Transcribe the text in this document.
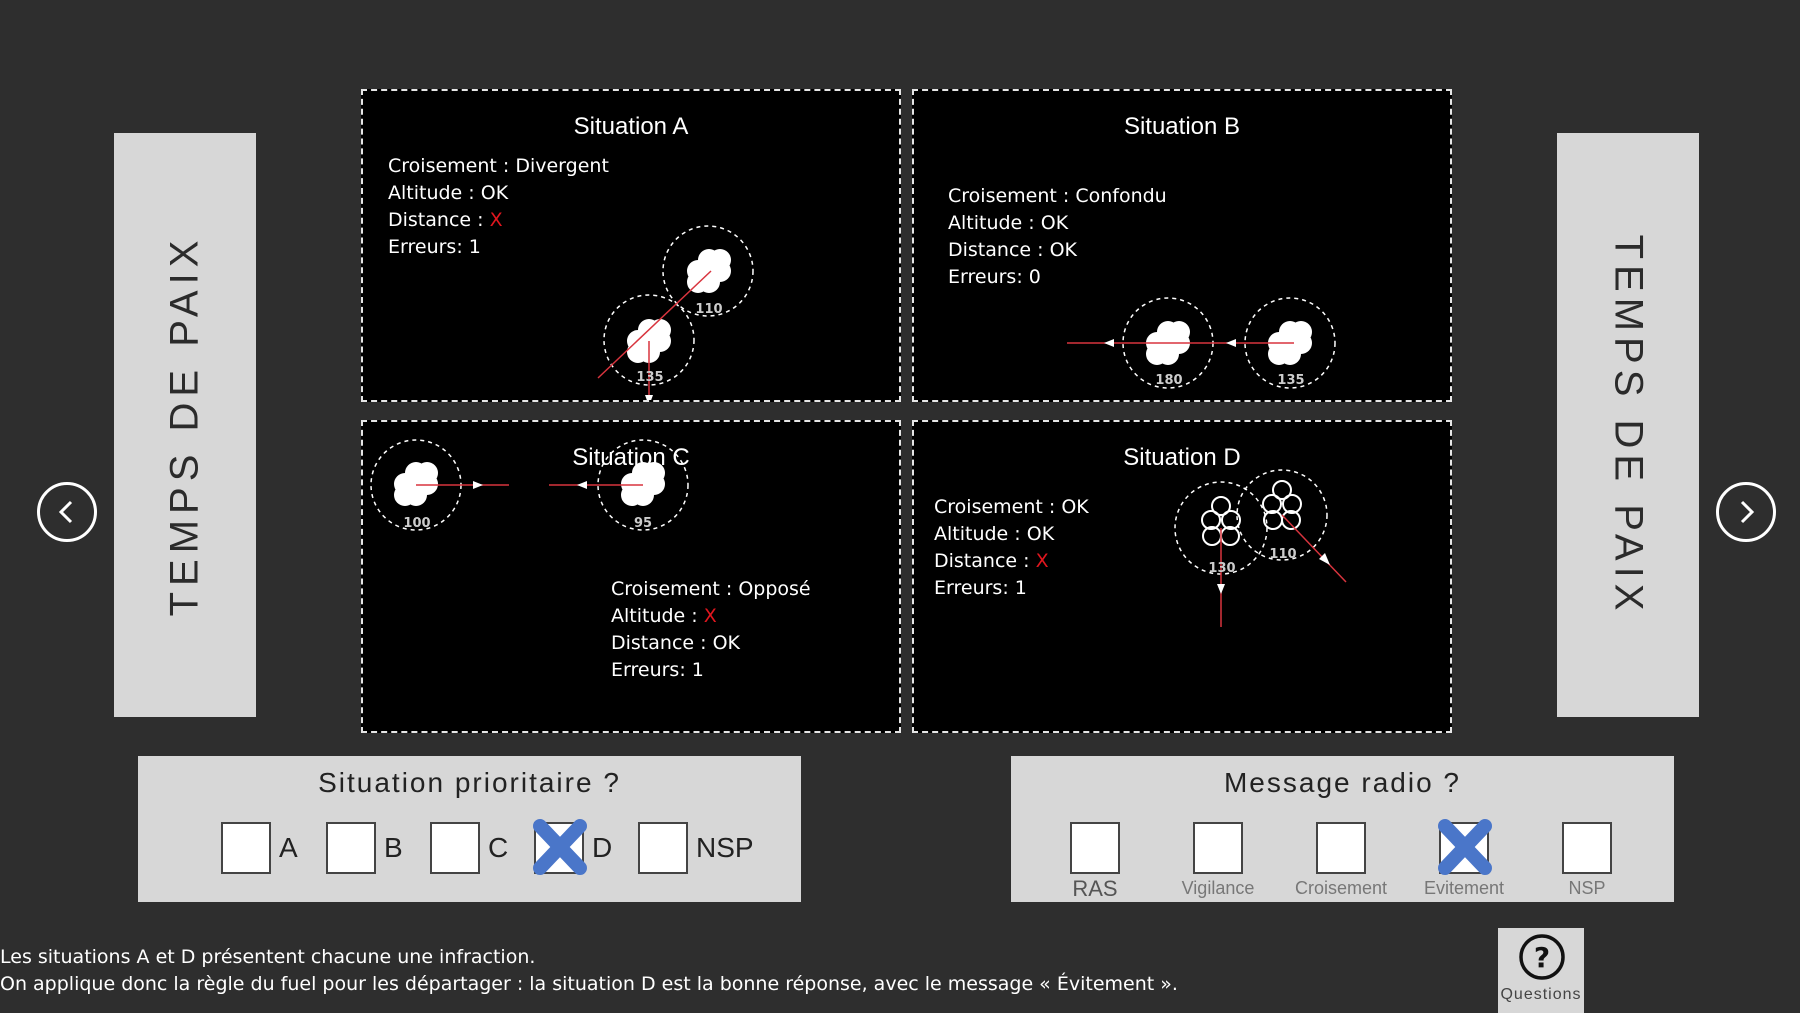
TEMPS DE PAIX	TEMPS DE PAIX
110
135
Situation A
Croisement : Divergent
Altitude : OK
Distance : X
Erreurs: 1
180	135
Situation B
Croisement : Confondu
Altitude : OK
Distance : OK
Erreurs: 0
100	95
Situation C
Croisement : Opposé
Altitude : X
Distance : OK
Erreurs: 1
130
110
Situation D
Croisement : OK
Altitude : OK
Distance : X
Erreurs: 1
Situation prioritaire ?
A	B	C	D	NSP
Message radio ?
RAS	Vigilance	Croisement	Evitement	NSP
Les situations A et D présentent chacune une infraction.
On applique donc la règle du fuel pour les départager : la situation D est la bonne réponse, avec le message « Évitement ».
?
Questions
